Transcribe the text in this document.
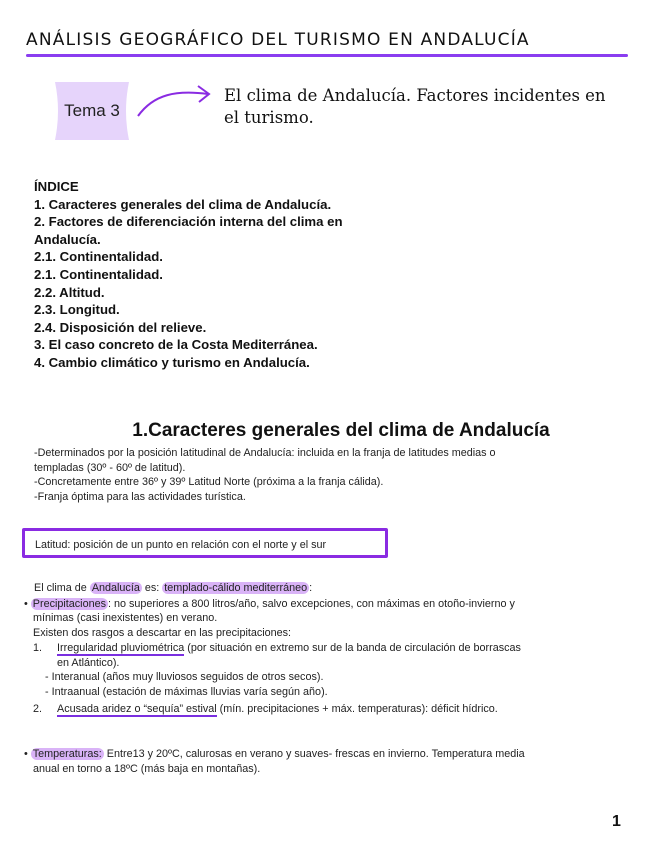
ANÁLISIS GEOGRÁFICO DEL TURISMO EN ANDALUCÍA
Tema 3
El clima de Andalucía. Factores incidentes en
el turismo.
ÍNDICE
1. Caracteres generales del clima de Andalucía.
2. Factores de diferenciación interna del clima en
Andalucía.
2.1. Continentalidad.
2.1. Continentalidad.
2.2. Altitud.
2.3. Longitud.
2.4. Disposición del relieve.
3. El caso concreto de la Costa Mediterránea.
4. Cambio climático y turismo en Andalucía.
1.Caracteres generales del clima de Andalucía
-Determinados por la posición latitudinal de Andalucía: incluida en la franja de latitudes medias o
templadas (30º - 60º de latitud).
-Concretamente entre 36º y 39º Latitud Norte (próxima a la franja cálida).
-Franja óptima para las actividades turística.
Latitud: posición de un punto en relación con el norte y el sur
El clima de Andalucía es: templado-cálido mediterráneo :
• Precipitaciones : no superiores a 800 litros/año, salvo excepciones, con máximas en otoño-invierno y
mínimas (casi inexistentes) en verano.
Existen dos rasgos a descartar en las precipitaciones:
1. Irregularidad pluviométrica (por situación en extremo sur de la banda de circulación de borrascas
en Atlántico).
- Interanual (años muy lluviosos seguidos de otros secos).
- Intraanual (estación de máximas lluvias varía según año).
2. Acusada aridez o “sequía” estival (mín. precipitaciones + máx. temperaturas): déficit hídrico.
• Temperaturas: Entre13 y 20ºC, calurosas en verano y suaves- frescas en invierno. Temperatura media
anual en torno a 18ºC (más baja en montañas).
1
